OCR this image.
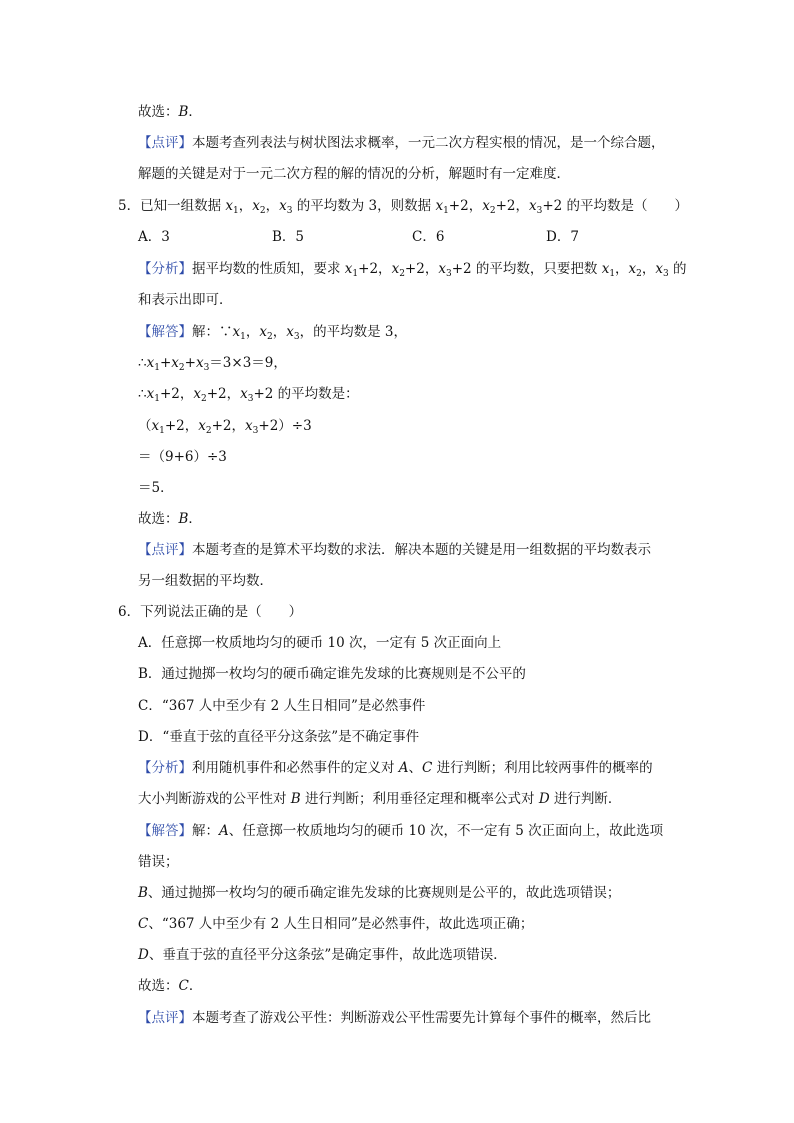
故选：B．
【点评】本题考查列表法与树状图法求概率，一元二次方程实根的情况，是一个综合题，
解题的关键是对于一元二次方程的解的情况的分析，解题时有一定难度．
5．已知一组数据 $x_1$，$x_2$，$x_3$ 的平均数为 3，则数据 $x_1+2$，$x_2+2$，$x_3+2$ 的平均数是（　　）
A．3	B．5	C．6	D．7
【分析】据平均数的性质知，要求 $x_1+2$，$x_2+2$，$x_3+2$ 的平均数，只要把数 $x_1$，$x_2$，$x_3$ 的
和表示出即可．
【解答】解：$\because x_1$，$x_2$，$x_3$，的平均数是 3，
$\therefore x_1+x_2+x_3=3\times 3=9$，
$\therefore x_1+2$，$x_2+2$，$x_3+2$ 的平均数是：
（$x_1+2$，$x_2+2$，$x_3+2)\div 3$
＝（9+6）÷3
＝5．
故选：B．
【点评】本题考查的是算术平均数的求法．解决本题的关键是用一组数据的平均数表示
另一组数据的平均数．
6．下列说法正确的是（　　）
A．任意掷一枚质地均匀的硬币 10 次，一定有 5 次正面向上
B．通过抛掷一枚均匀的硬币确定谁先发球的比赛规则是不公平的
C．“367 人中至少有 2 人生日相同”是必然事件
D．“垂直于弦的直径平分这条弦”是不确定事件
【分析】利用随机事件和必然事件的定义对 A、C 进行判断；利用比较两事件的概率的
大小判断游戏的公平性对 B 进行判断；利用垂径定理和概率公式对 D 进行判断．
【解答】解：A、任意掷一枚质地均匀的硬币 10 次，不一定有 5 次正面向上，故此选项
错误；
B、通过抛掷一枚均匀的硬币确定谁先发球的比赛规则是公平的，故此选项错误；
C、“367 人中至少有 2 人生日相同”是必然事件，故此选项正确；
D、垂直于弦的直径平分这条弦”是确定事件，故此选项错误．
故选：C．
【点评】本题考查了游戏公平性：判断游戏公平性需要先计算每个事件的概率，然后比
